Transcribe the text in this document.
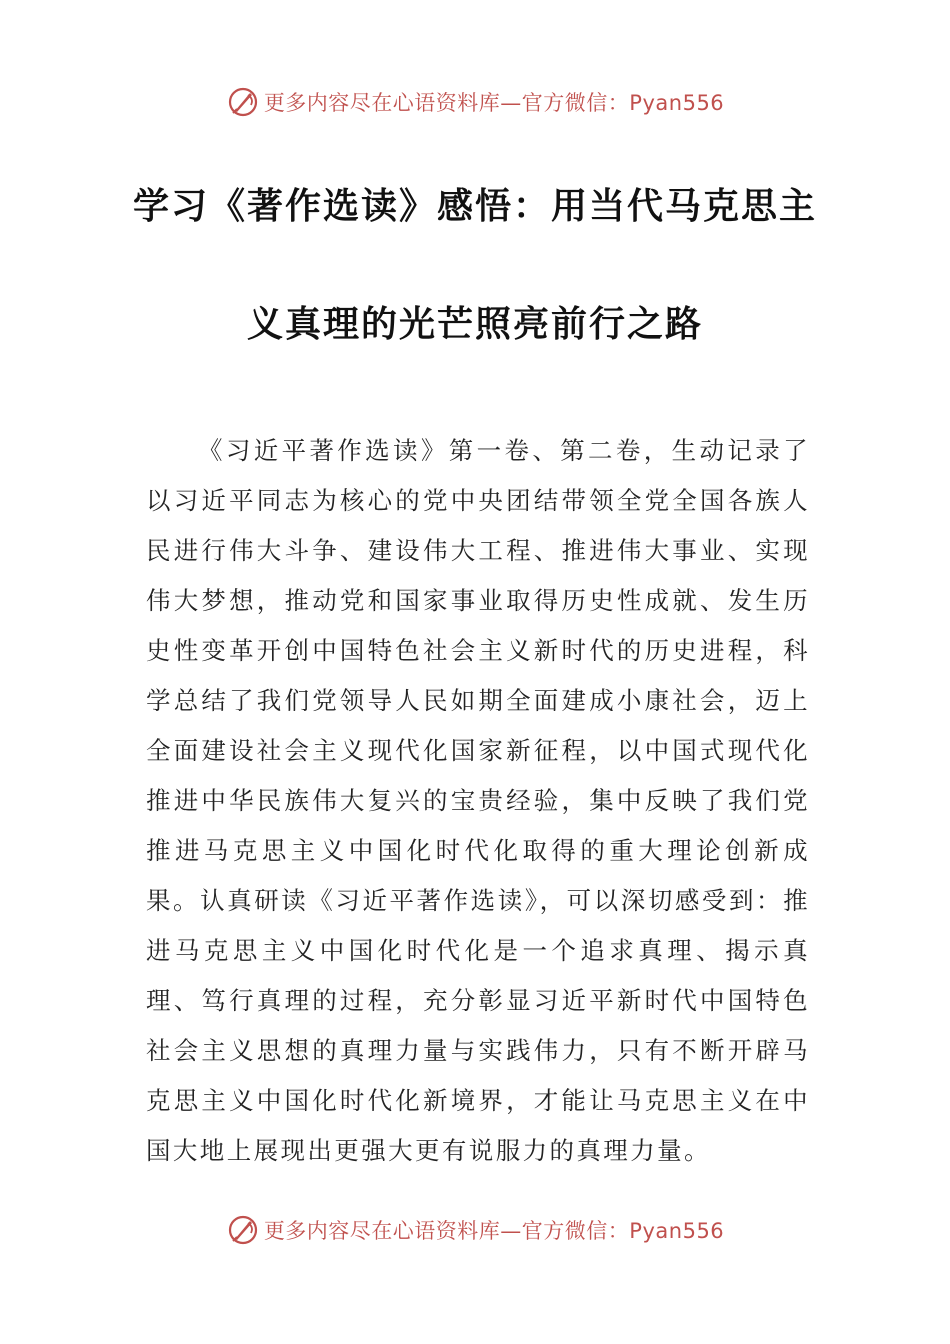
更多内容尽在心语资料库—官方微信：Pyan556
学习《著作选读》感悟：用当代马克思主
义真理的光芒照亮前行之路

《习近平著作选读》第一卷、第二卷，生动记录了以习近平同志为核心的党中央团结带领全党全国各族人民进行伟大斗争、建设伟大工程、推进伟大事业、实现伟大梦想，推动党和国家事业取得历史性成就、发生历史性变革开创中国特色社会主义新时代的历史进程，科学总结了我们党领导人民如期全面建成小康社会，迈上全面建设社会主义现代化国家新征程，以中国式现代化推进中华民族伟大复兴的宝贵经验，集中反映了我们党推进马克思主义中国化时代化取得的重大理论创新成果。认真研读《习近平著作选读》，可以深切感受到：推进马克思主义中国化时代化是一个追求真理、揭示真理、笃行真理的过程，充分彰显习近平新时代中国特色社会主义思想的真理力量与实践伟力，只有不断开辟马克思主义中国化时代化新境界，才能让马克思主义在中国大地上展现出更强大更有说服力的真理力量。

更多内容尽在心语资料库—官方微信：Pyan556
